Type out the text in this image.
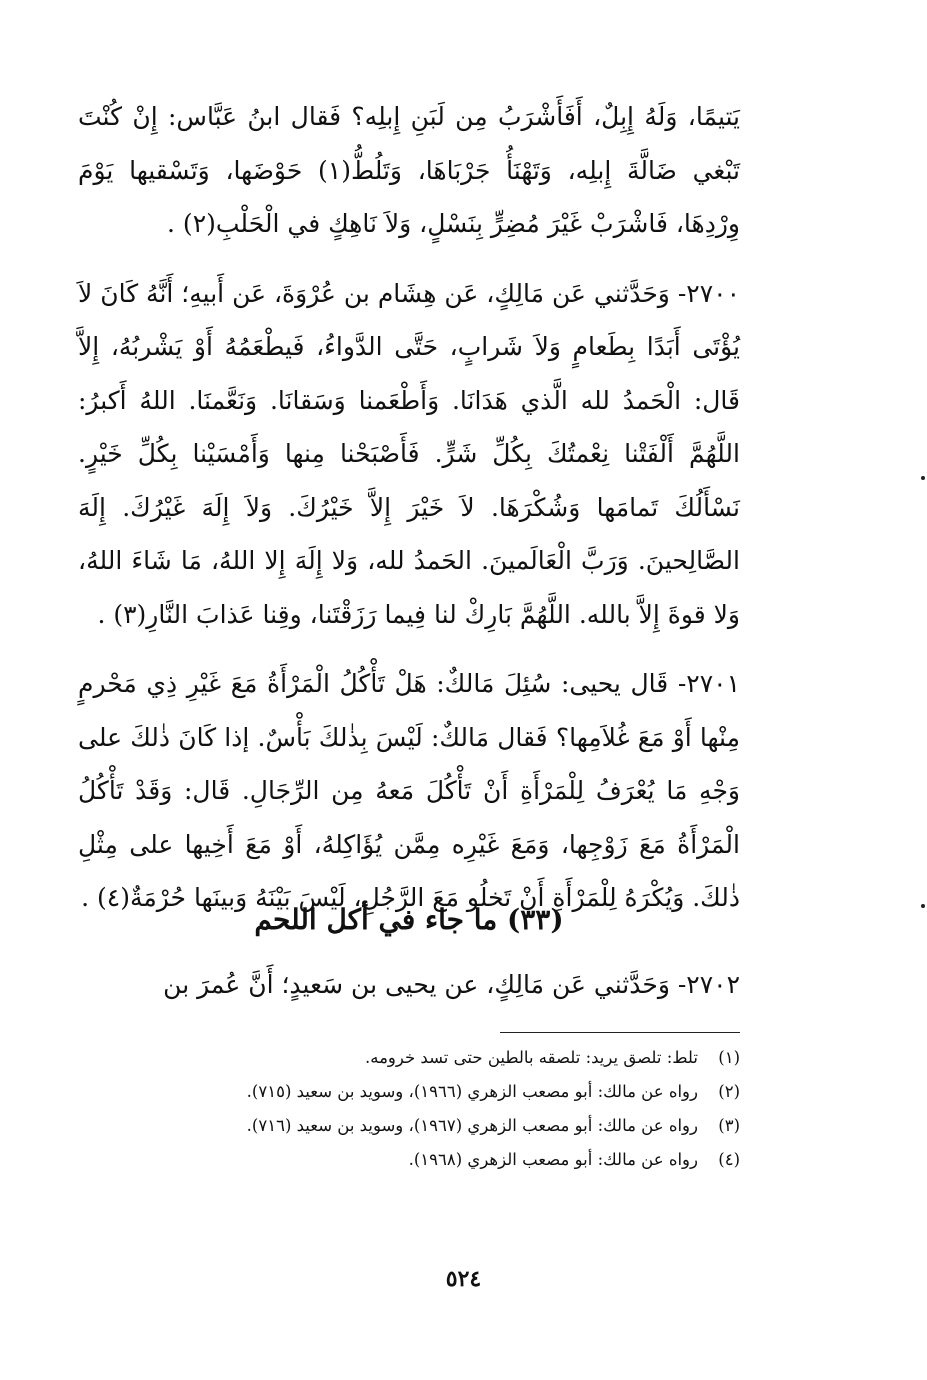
يَتيمًا، وَلَهُ إِبِلٌ، أَفَأَشْرَبُ مِن لَبَنِ إِبلِه؟ فَقال ابنُ عَبَّاس: إِنْ كُنْتَ تَبْغي ضَالَّةَ إِبلِه، وَتَهْنَأُ جَرْبَاهَا، وَتَلُطُّ(١) حَوْضَها، وَتَسْقيها يَوْمَ وِرْدِهَا، فَاشْرَبْ غَيْرَ مُضِرٍّ بِنَسْلٍ، وَلاَ نَاهِكٍ في الْحَلْبِ(٢) .

٢٧٠٠- وَحَدَّثني عَن مَالِكٍ، عَن هِشَام بن عُرْوَةَ، عَن أَبيهِ؛ أَنَّهُ كَانَ لاَ يُؤْتَى أَبَدًا بِطَعامٍ وَلاَ شَرابٍ، حَتَّى الدَّواءُ، فَيطْعَمُهُ أَوْ يَشْربُهُ، إِلاَّ قَال: الْحَمدُ لله الَّذي هَدَانَا. وَأَطْعَمنا وَسَقانَا. وَنَعَّمنَا. اللهُ أَكبرُ: اللَّهُمَّ أَلْفَتْنا نِعْمتُكَ بِكُلِّ شَرٍّ. فَأَصْبَحْنا مِنها وَأَمْسَيْنا بِكُلِّ خَيْرٍ. نَسْأَلُكَ تَمامَها وَشُكْرَهَا. لاَ خَيْرَ إِلاَّ خَيْرُكَ. وَلاَ إِلَهَ غَيْرُكَ. إِلَهَ الصَّالِحينَ. وَرَبَّ الْعَالَمينَ. الحَمدُ لله، وَلا إِلَهَ إِلا اللهُ، مَا شَاءَ اللهُ، وَلا قوةَ إِلاَّ بالله. اللَّهُمَّ بَارِكْ لنا فِيما رَزَقْتَنا، وقِنا عَذابَ النَّارِ(٣) .

٢٧٠١- قَال يحيى: سُئِلَ مَالكٌ: هَلْ تَأْكُلُ الْمَرْأَةُ مَعَ غَيْرِ ذِي مَحْرمٍ مِنْها أَوْ مَعَ غُلاَمِها؟ فَقال مَالكٌ: لَيْسَ بِذٰلكَ بَأْسٌ. إذا كَانَ ذٰلكَ على وَجْهِ مَا يُعْرَفُ لِلْمَرْأَةِ أَنْ تَأْكُلَ مَعهُ مِن الرِّجَالِ. قَال: وَقَدْ تَأْكُلُ الْمَرْأَةُ مَعَ زَوْجِها، وَمَعَ غَيْرِه مِمَّن يُؤَاكِلهُ، أَوْ مَعَ أَخِيها على مِثْلِ ذٰلكَ. وَيُكْرَهُ لِلْمَرْأَةِ أَنْ تَخلُو مَعَ الرَّجُلِ، لَيْسَ بَيْنَهُ وَبينَها حُرْمَةٌ(٤) .

(٣٣) ما جاء في أكل اللحم

٢٧٠٢- وَحَدَّثني عَن مَالِكٍ، عن يحيى بن سَعيدٍ؛ أَنَّ عُمرَ بن

(١)تلط: تلصق يريد: تلصقه بالطين حتى تسد خرومه.
(٢)رواه عن مالك: أبو مصعب الزهري (١٩٦٦)، وسويد بن سعيد (٧١٥).
(٣)رواه عن مالك: أبو مصعب الزهري (١٩٦٧)، وسويد بن سعيد (٧١٦).
(٤)رواه عن مالك: أبو مصعب الزهري (١٩٦٨).
٥٢٤
